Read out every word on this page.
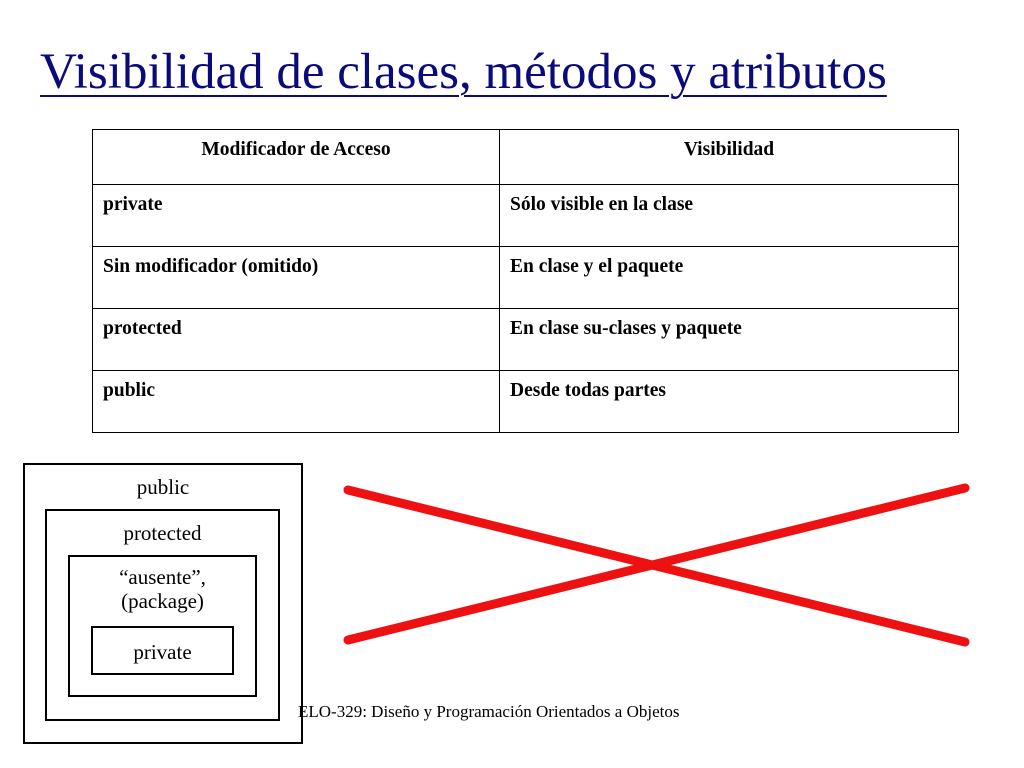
Visibilidad de clases, métodos y atributos
Modificador de Acceso	Visibilidad
private	Sólo visible en la clase
Sin modificador (omitido)	En clase y el paquete
protected	En clase su-clases y paquete
public	Desde todas partes
public
protected
“ausente”,
(package)
private
ELO-329: Diseño y Programación Orientados a Objetos
